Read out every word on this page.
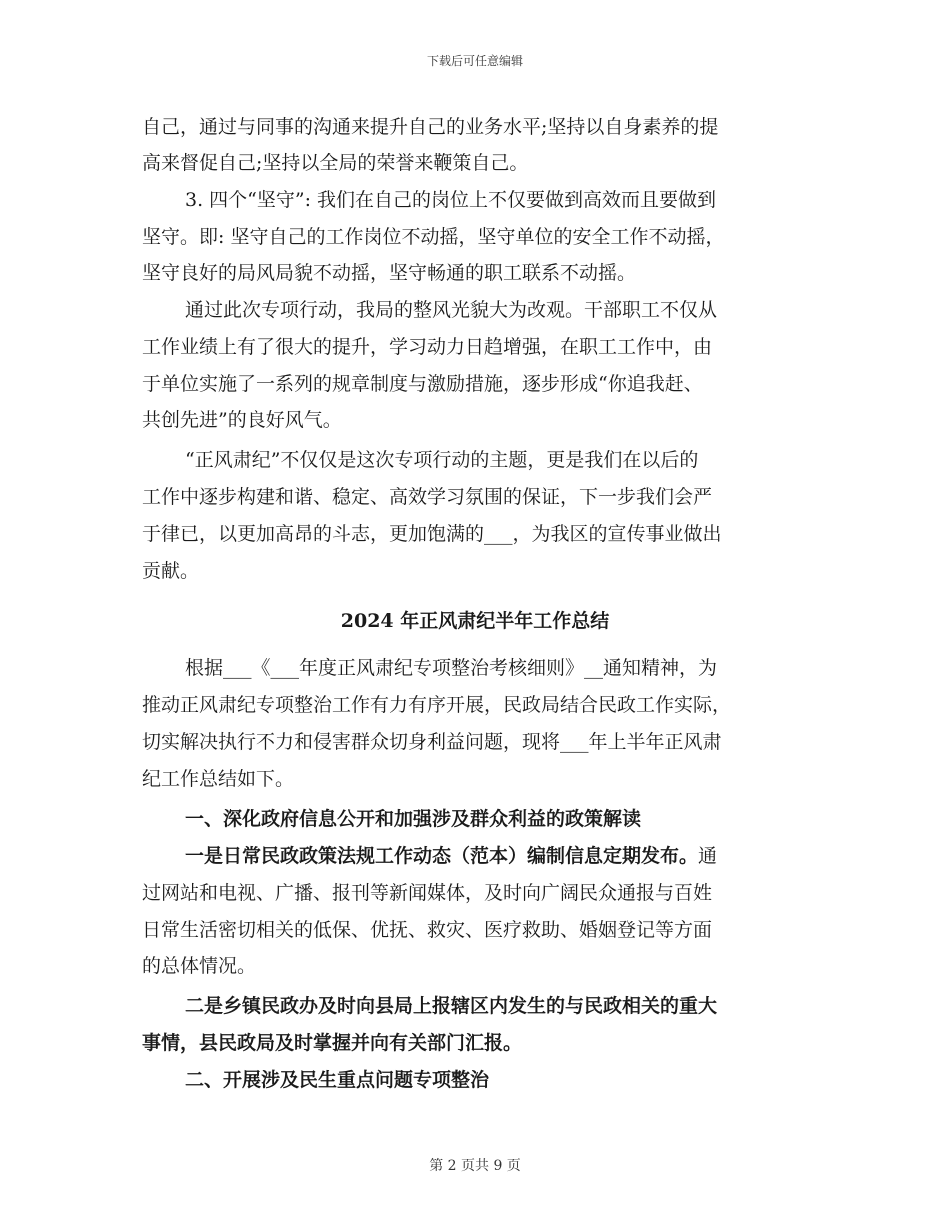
下载后可任意编辑
自己，通过与同事的沟通来提升自己的业务水平;坚持以自身素养的提
高来督促自己;坚持以全局的荣誉来鞭策自己。
3. 四个“坚守”: 我们在自己的岗位上不仅要做到高效而且要做到
坚守。即: 坚守自己的工作岗位不动摇，坚守单位的安全工作不动摇，
坚守良好的局风局貌不动摇，坚守畅通的职工联系不动摇。
通过此次专项行动，我局的整风光貌大为改观。干部职工不仅从
工作业绩上有了很大的提升，学习动力日趋增强，在职工工作中，由
于单位实施了一系列的规章制度与激励措施，逐步形成“你追我赶、
共创先进”的良好风气。
“正风肃纪”不仅仅是这次专项行动的主题，更是我们在以后的
工作中逐步构建和谐、稳定、高效学习氛围的保证，下一步我们会严
于律已，以更加高昂的斗志，更加饱满的___，为我区的宣传事业做出
贡献。
2024 年正风肃纪半年工作总结
根据___《___年度正风肃纪专项整治考核细则》__通知精神，为
推动正风肃纪专项整治工作有力有序开展，民政局结合民政工作实际，
切实解决执行不力和侵害群众切身利益问题，现将___年上半年正风肃
纪工作总结如下。
一、深化政府信息公开和加强涉及群众利益的政策解读
一是日常民政政策法规工作动态（范本）编制信息定期发布。通
过网站和电视、广播、报刊等新闻媒体，及时向广阔民众通报与百姓
日常生活密切相关的低保、优抚、救灾、医疗救助、婚姻登记等方面
的总体情况。
二是乡镇民政办及时向县局上报辖区内发生的与民政相关的重大
事情，县民政局及时掌握并向有关部门汇报。
二、开展涉及民生重点问题专项整治
第 2 页共 9 页
